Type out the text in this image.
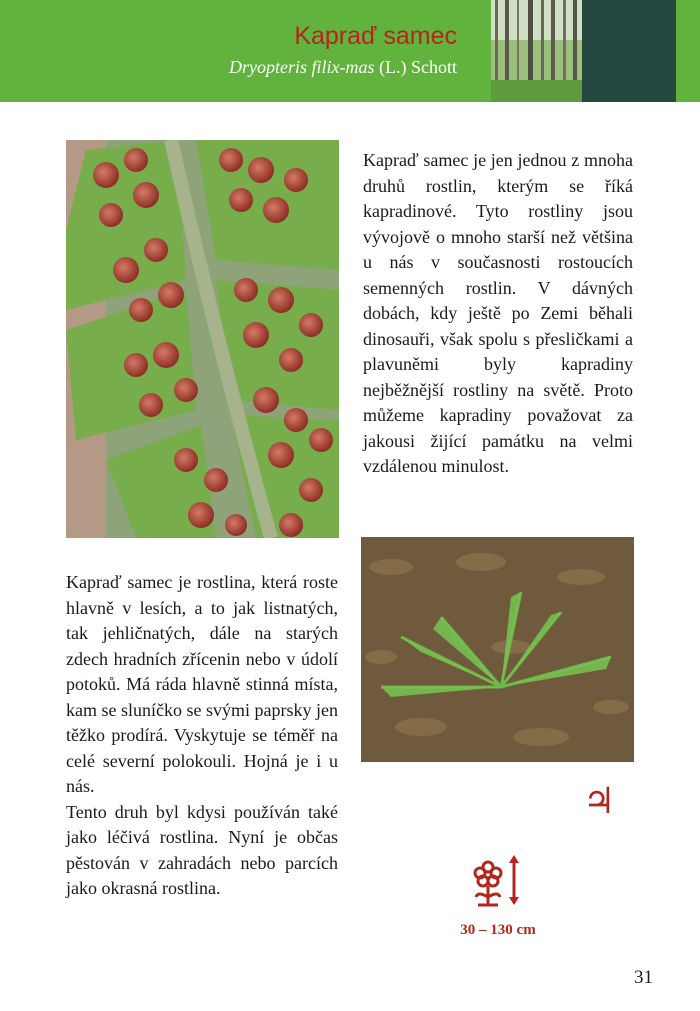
Kapraď samec
Dryopteris filix-mas (L.) Schott

Kapraď samec je jen jednou z mnoha druhů rostlin, kterým se říká kapradinové. Tyto rostliny jsou vývojově o mnoho starší než většina u nás v současnosti rostoucích semenných rostlin. V dávných dobách, kdy ještě po Zemi běhali dinosauři, však spolu s přesličkami a plavuněmi byly kapradiny nejběžnější rostliny na světě. Proto můžeme kapradiny považovat za jakousi žijící památku na velmi vzdálenou minulost.

Kapraď samec je rostlina, která roste hlavně v lesích, a to jak listnatých, tak jehličnatých, dále na starých zdech hradních zřícenin nebo v údolí potoků. Má ráda hlavně stinná místa, kam se sluníčko se svými paprsky jen těžko prodírá. Vyskytuje se téměř na celé severní polokouli. Hojná je i u nás.
Tento druh byl kdysi používán také jako léčivá rostlina. Nyní je občas pěstován v zahradách nebo parcích jako okrasná rostlina.

♃
30 – 130 cm
31
